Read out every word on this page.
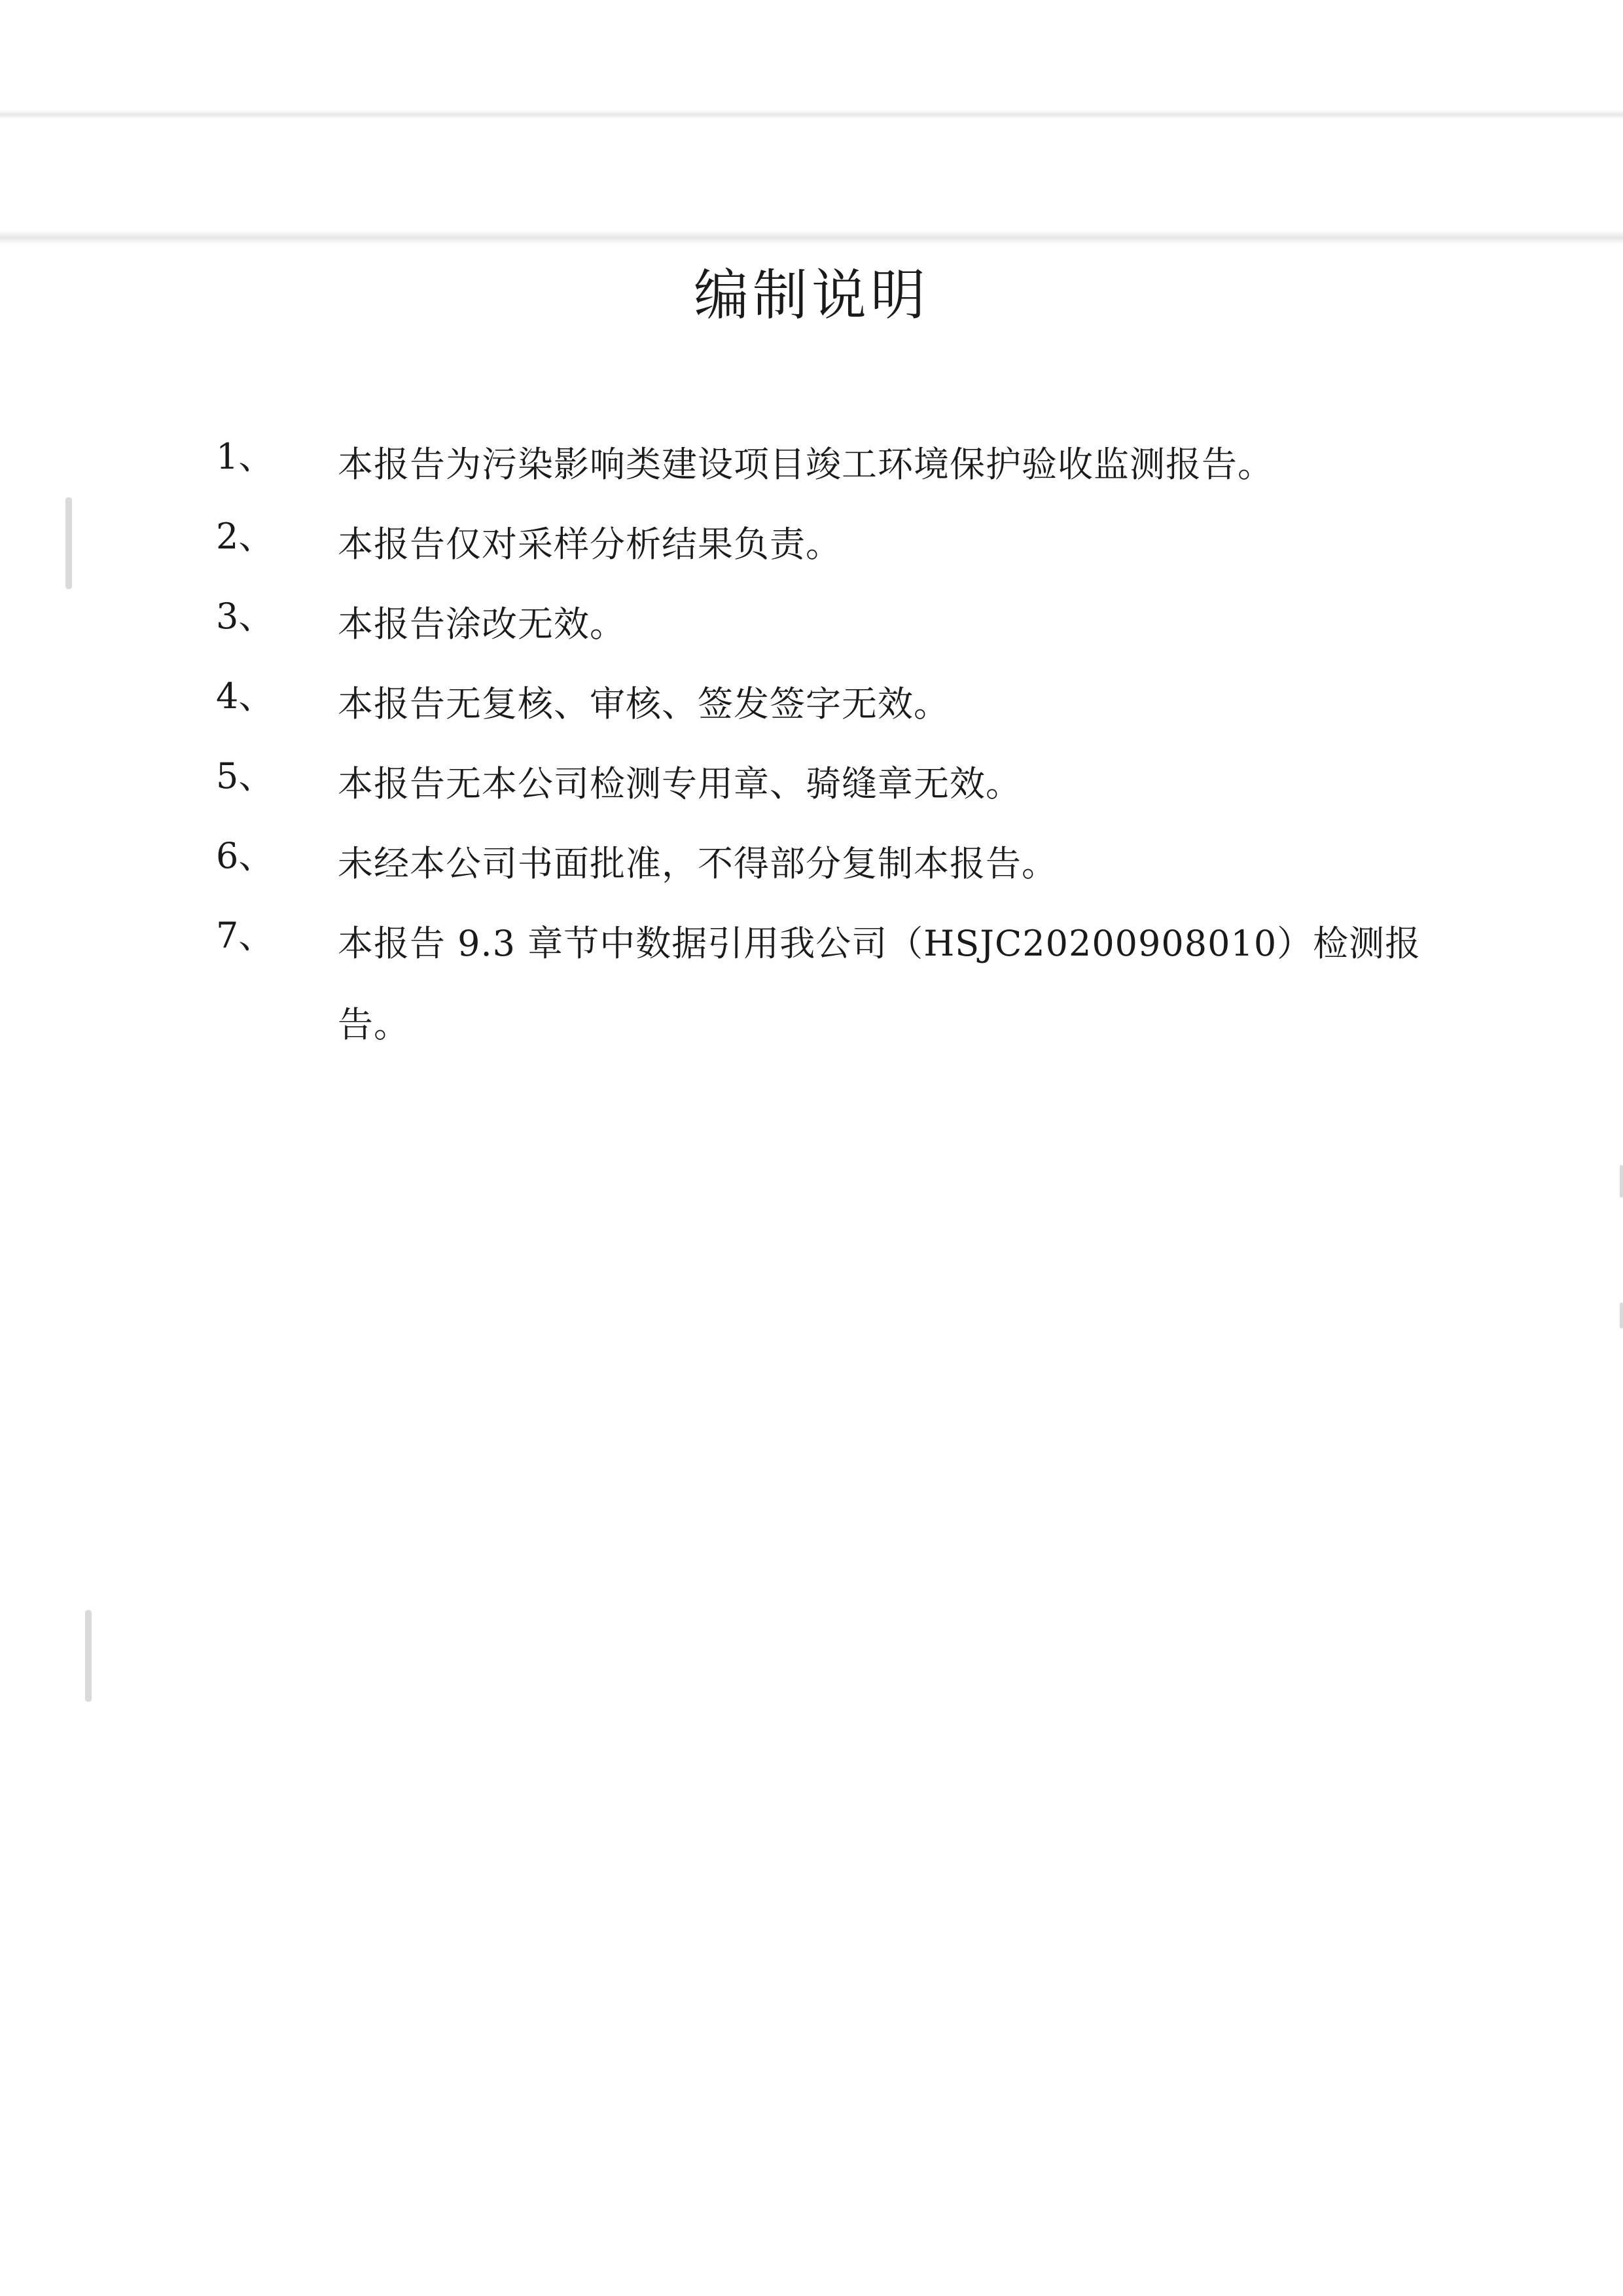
编制说明
1、 本报告为污染影响类建设项目竣工环境保护验收监测报告。
2、 本报告仅对采样分析结果负责。
3、 本报告涂改无效。
4、 本报告无复核、审核、签发签字无效。
5、 本报告无本公司检测专用章、骑缝章无效。
6、 未经本公司书面批准，不得部分复制本报告。
7、 本报告 9.3 章节中数据引用我公司（HSJC20200908010）检测报告。
